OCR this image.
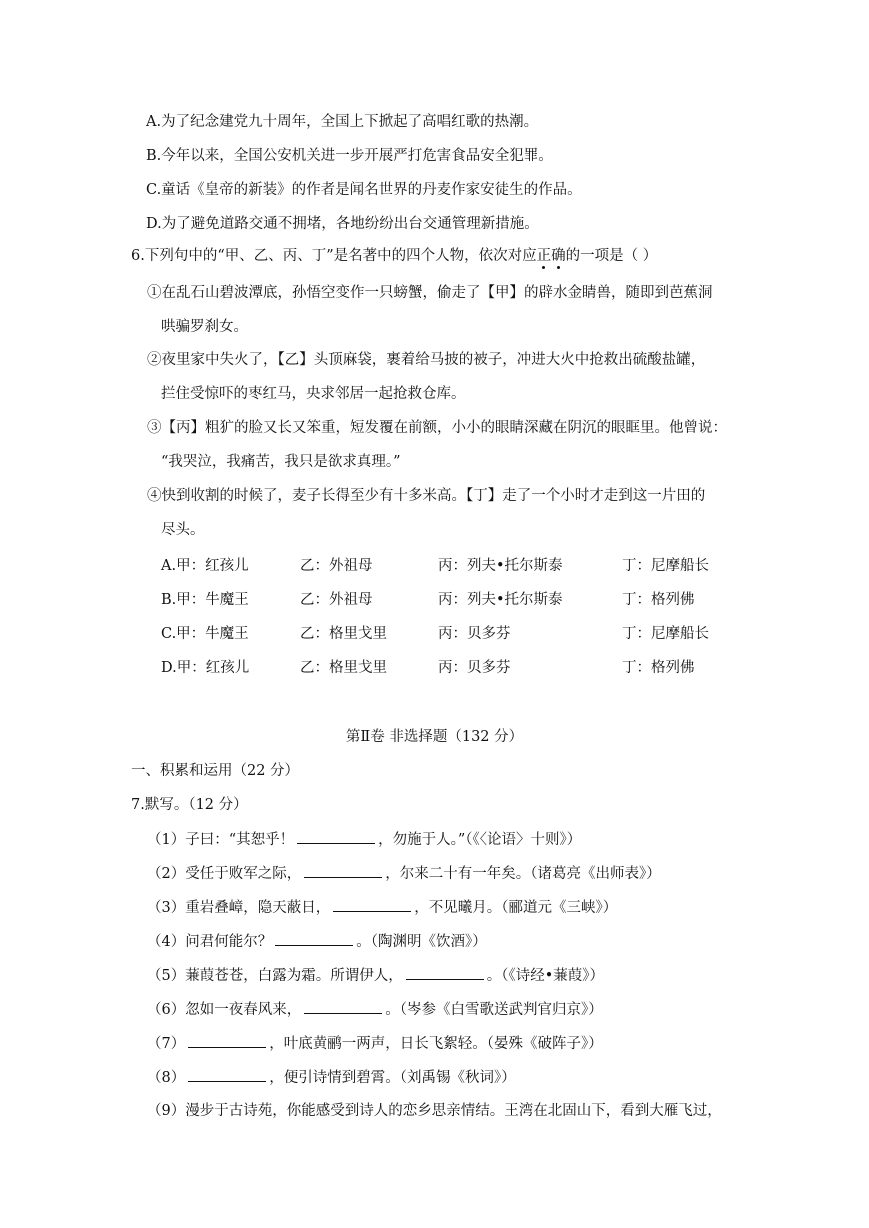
A.为了纪念建党九十周年，全国上下掀起了高唱红歌的热潮。
B.今年以来，全国公安机关进一步开展严打危害食品安全犯罪。
C.童话《皇帝的新装》的作者是闻名世界的丹麦作家安徒生的作品。
D.为了避免道路交通不拥堵，各地纷纷出台交通管理新措施。
6.下列句中的“甲、乙、丙、丁”是名著中的四个人物，依次对应正确的一项是（ ）
①在乱石山碧波潭底，孙悟空变作一只螃蟹，偷走了【甲】的辟水金睛兽，随即到芭蕉洞
哄骗罗刹女。
②夜里家中失火了，【乙】头顶麻袋，裹着给马披的被子，冲进大火中抢救出硫酸盐罐，
拦住受惊吓的枣红马，央求邻居一起抢救仓库。
③【丙】粗犷的脸又长又笨重，短发覆在前额，小小的眼睛深藏在阴沉的眼眶里。他曾说：
“我哭泣，我痛苦，我只是欲求真理。”
④快到收割的时候了，麦子长得至少有十多米高。【丁】走了一个小时才走到这一片田的
尽头。
A.甲：红孩儿	乙：外祖母	丙：列夫•托尔斯泰	丁：尼摩船长
B.甲：牛魔王	乙：外祖母	丙：列夫•托尔斯泰	丁：格列佛
C.甲：牛魔王	乙：格里戈里	丙：贝多芬	丁：尼摩船长
D.甲：红孩儿	乙：格里戈里	丙：贝多芬	丁：格列佛
第Ⅱ卷 非选择题（132 分）
一、积累和运用（22 分）
7.默写。（12 分）
（1）子曰：“其恕乎！	，勿施于人。”（《〈论语〉十则》）
（2）受任于败军之际，	，尔来二十有一年矣。（诸葛亮《出师表》）
（3）重岩叠嶂，隐天蔽日，	，不见曦月。（郦道元《三峡》）
（4）问君何能尔？	。（陶渊明《饮酒》）
（5）蒹葭苍苍，白露为霜。所谓伊人，	。（《诗经•蒹葭》）
（6）忽如一夜春风来，	。（岑参《白雪歌送武判官归京》）
（7）	，叶底黄鹂一两声，日长飞絮轻。（晏殊《破阵子》）
（8）	，便引诗情到碧霄。（刘禹锡《秋词》）
（9）漫步于古诗苑，你能感受到诗人的恋乡思亲情结。王湾在北固山下，看到大雁飞过，
